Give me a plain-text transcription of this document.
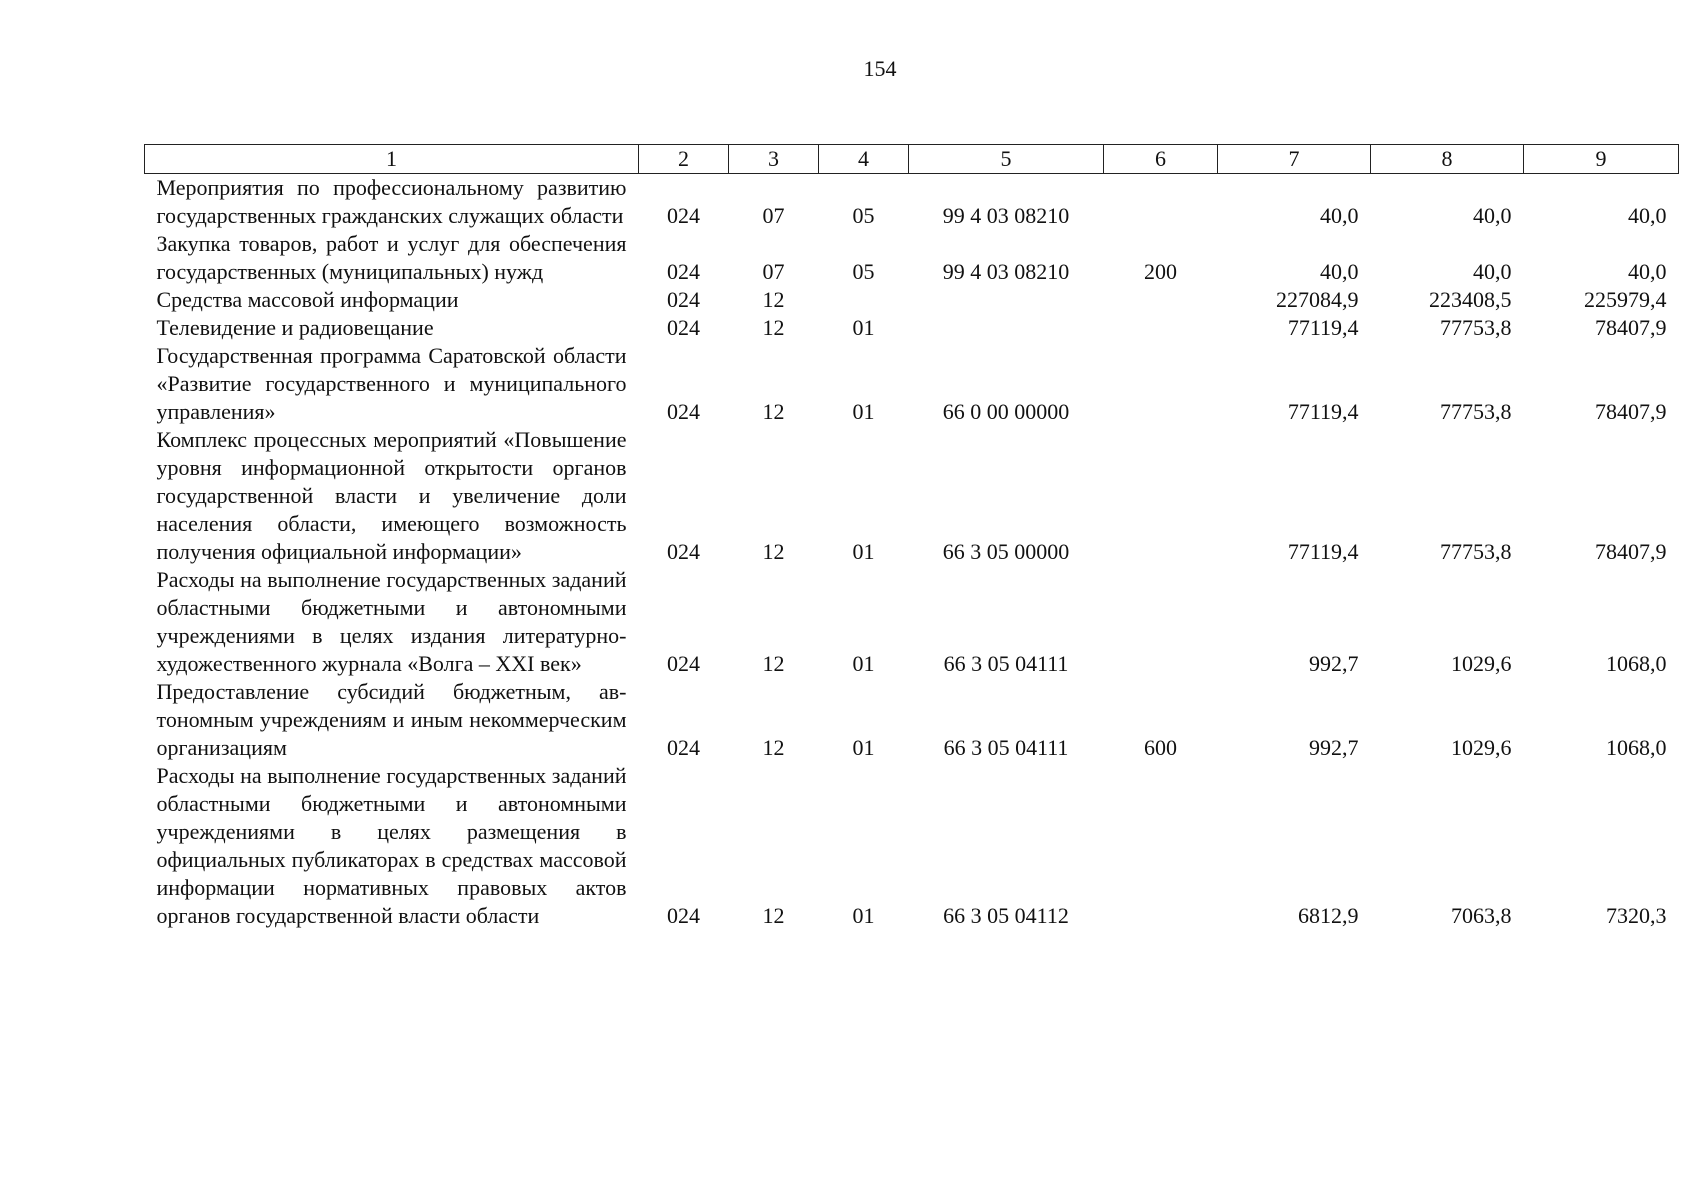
154
1	2	3	4	5	6	7	8	9
Мероприятия по профессиональному развитию государственных гражданских служащих области	024	07	05	99 4 03 08210		40,0	40,0	40,0
Закупка товаров, работ и услуг для обеспечения государственных (муниципальных) нужд	024	07	05	99 4 03 08210	200	40,0	40,0	40,0
Средства массовой информации	024	12				227084,9	223408,5	225979,4
Телевидение и радиовещание	024	12	01			77119,4	77753,8	78407,9
Государственная программа Саратовской области «Развитие государственного и муниципального управления»	024	12	01	66 0 00 00000		77119,4	77753,8	78407,9
Комплекс процессных мероприятий «Повышение уровня информационной открытости органов государственной власти и увеличение доли населения области, имеющего возможность получения официальной информации»	024	12	01	66 3 05 00000		77119,4	77753,8	78407,9
Расходы на выполнение государственных заданий областными бюджетными и автономными учреждениями в целях издания литературно-художественного журнала «Волга – XXI век»	024	12	01	66 3 05 04111		992,7	1029,6	1068,0
Предоставление субсидий бюджетным, автономным учреждениям и иным некоммерческим организациям	024	12	01	66 3 05 04111	600	992,7	1029,6	1068,0
Расходы на выполнение государственных заданий областными бюджетными и автономными учреждениями в целях размещения в официальных публикаторах в средствах массовой информации нормативных правовых актов органов государственной власти области	024	12	01	66 3 05 04112		6812,9	7063,8	7320,3
